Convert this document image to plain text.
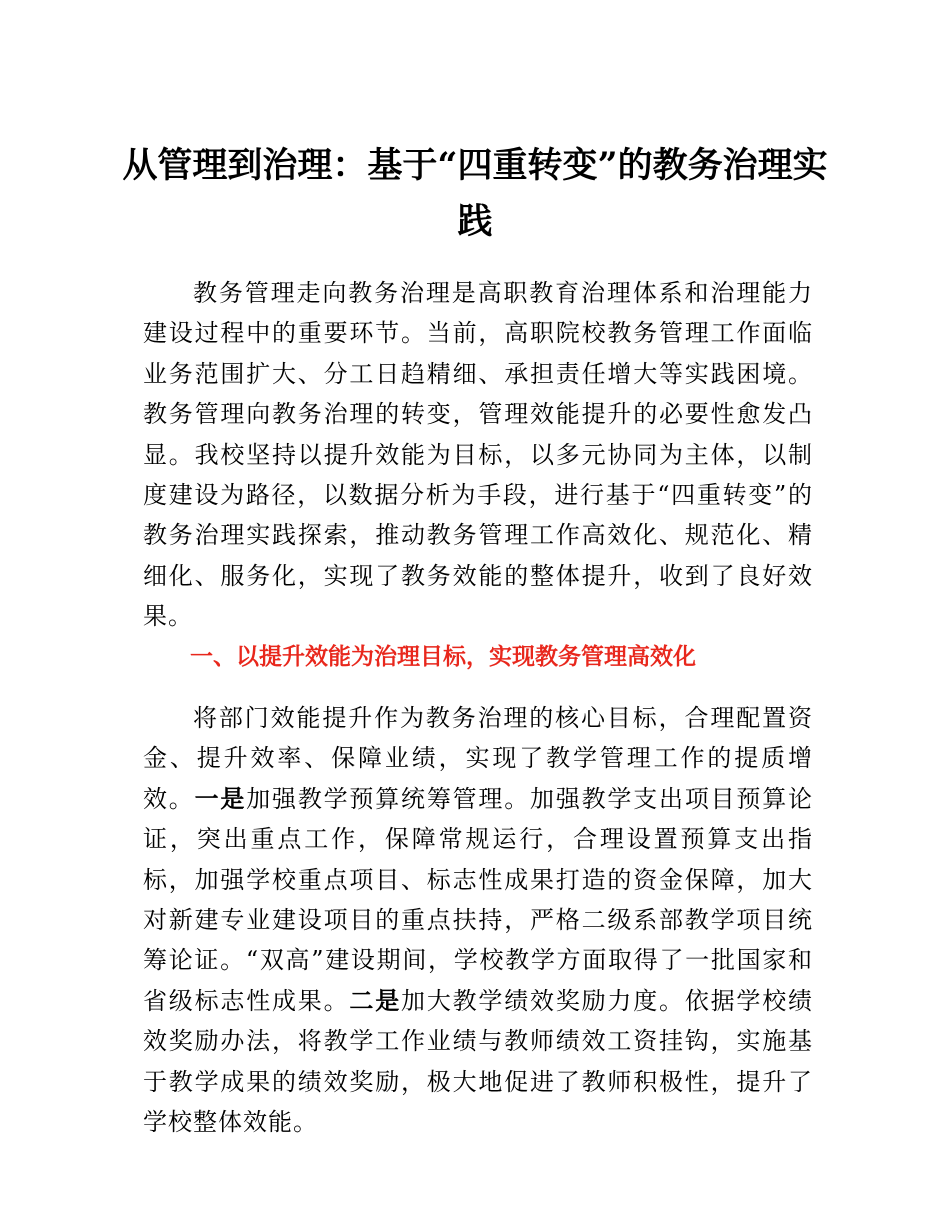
从管理到治理：基于“四重转变”的教务治理实践

教务管理走向教务治理是高职教育治理体系和治理能力建设过程中的重要环节。当前，高职院校教务管理工作面临业务范围扩大、分工日趋精细、承担责任增大等实践困境。教务管理向教务治理的转变，管理效能提升的必要性愈发凸显。我校坚持以提升效能为目标，以多元协同为主体，以制度建设为路径，以数据分析为手段，进行基于“四重转变”的教务治理实践探索，推动教务管理工作高效化、规范化、精细化、服务化，实现了教务效能的整体提升，收到了良好效果。

一、以提升效能为治理目标，实现教务管理高效化

将部门效能提升作为教务治理的核心目标，合理配置资金、提升效率、保障业绩，实现了教学管理工作的提质增效。一是加强教学预算统筹管理。加强教学支出项目预算论证，突出重点工作，保障常规运行，合理设置预算支出指标，加强学校重点项目、标志性成果打造的资金保障，加大对新建专业建设项目的重点扶持，严格二级系部教学项目统筹论证。“双高”建设期间，学校教学方面取得了一批国家和省级标志性成果。二是加大教学绩效奖励力度。依据学校绩效奖励办法，将教学工作业绩与教师绩效工资挂钩，实施基于教学成果的绩效奖励，极大地促进了教师积极性，提升了学校整体效能。
